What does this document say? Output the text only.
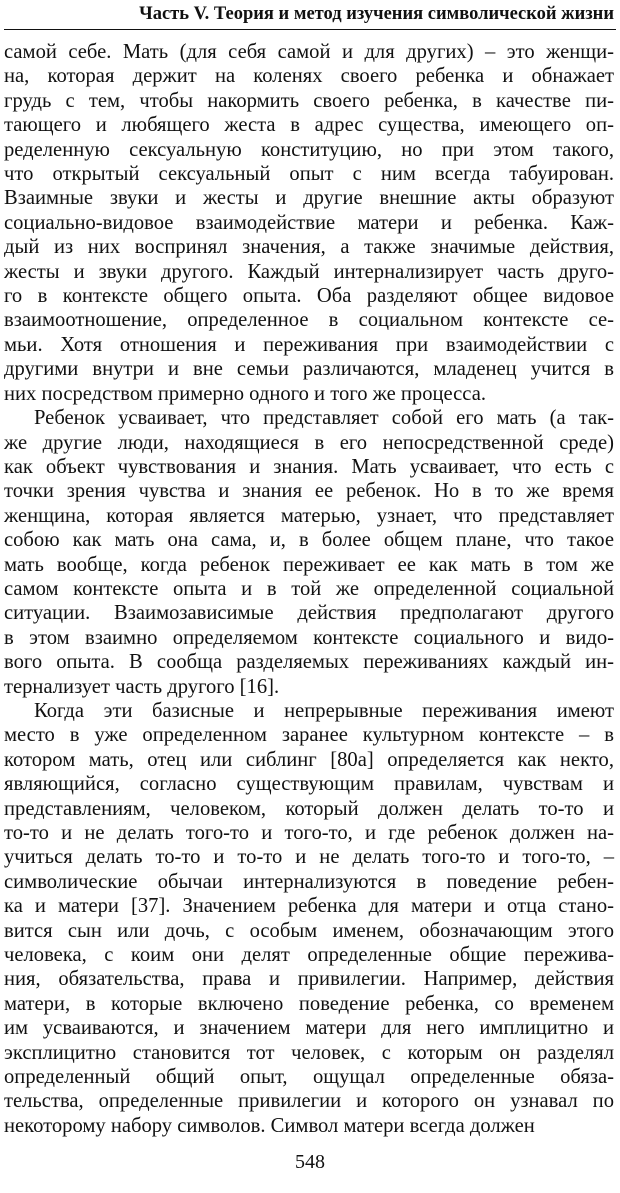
Часть V. Теория и метод изучения символической жизни
самой себе. Мать (для себя самой и для других) – это женщи-
на, которая держит на коленях своего ребенка и обнажает
грудь с тем, чтобы накормить своего ребенка, в качестве пи-
тающего и любящего жеста в адрес существа, имеющего оп-
ределенную сексуальную конституцию, но при этом такого,
что открытый сексуальный опыт с ним всегда табуирован.
Взаимные звуки и жесты и другие внешние акты образуют
социально-видовое взаимодействие матери и ребенка. Каж-
дый из них воспринял значения, а также значимые действия,
жесты и звуки другого. Каждый интернализирует часть друго-
го в контексте общего опыта. Оба разделяют общее видовое
взаимоотношение, определенное в социальном контексте се-
мьи. Хотя отношения и переживания при взаимодействии с
другими внутри и вне семьи различаются, младенец учится в
них посредством примерно одного и того же процесса.
Ребенок усваивает, что представляет собой его мать (а так-
же другие люди, находящиеся в его непосредственной среде)
как объект чувствования и знания. Мать усваивает, что есть с
точки зрения чувства и знания ее ребенок. Но в то же время
женщина, которая является матерью, узнает, что представляет
собою как мать она сама, и, в более общем плане, что такое
мать вообще, когда ребенок переживает ее как мать в том же
самом контексте опыта и в той же определенной социальной
ситуации. Взаимозависимые действия предполагают другого
в этом взаимно определяемом контексте социального и видо-
вого опыта. В сообща разделяемых переживаниях каждый ин-
тернализует часть другого [16].
Когда эти базисные и непрерывные переживания имеют
место в уже определенном заранее культурном контексте – в
котором мать, отец или сиблинг [80а] определяется как некто,
являющийся, согласно существующим правилам, чувствам и
представлениям, человеком, который должен делать то-то и
то-то и не делать того-то и того-то, и где ребенок должен на-
учиться делать то-то и то-то и не делать того-то и того-то, –
символические обычаи интернализуются в поведение ребен-
ка и матери [37]. Значением ребенка для матери и отца стано-
вится сын или дочь, с особым именем, обозначающим этого
человека, с коим они делят определенные общие пережива-
ния, обязательства, права и привилегии. Например, действия
матери, в которые включено поведение ребенка, со временем
им усваиваются, и значением матери для него имплицитно и
эксплицитно становится тот человек, с которым он разделял
определенный общий опыт, ощущал определенные обяза-
тельства, определенные привилегии и которого он узнавал по
некоторому набору символов. Символ матери всегда должен
548
